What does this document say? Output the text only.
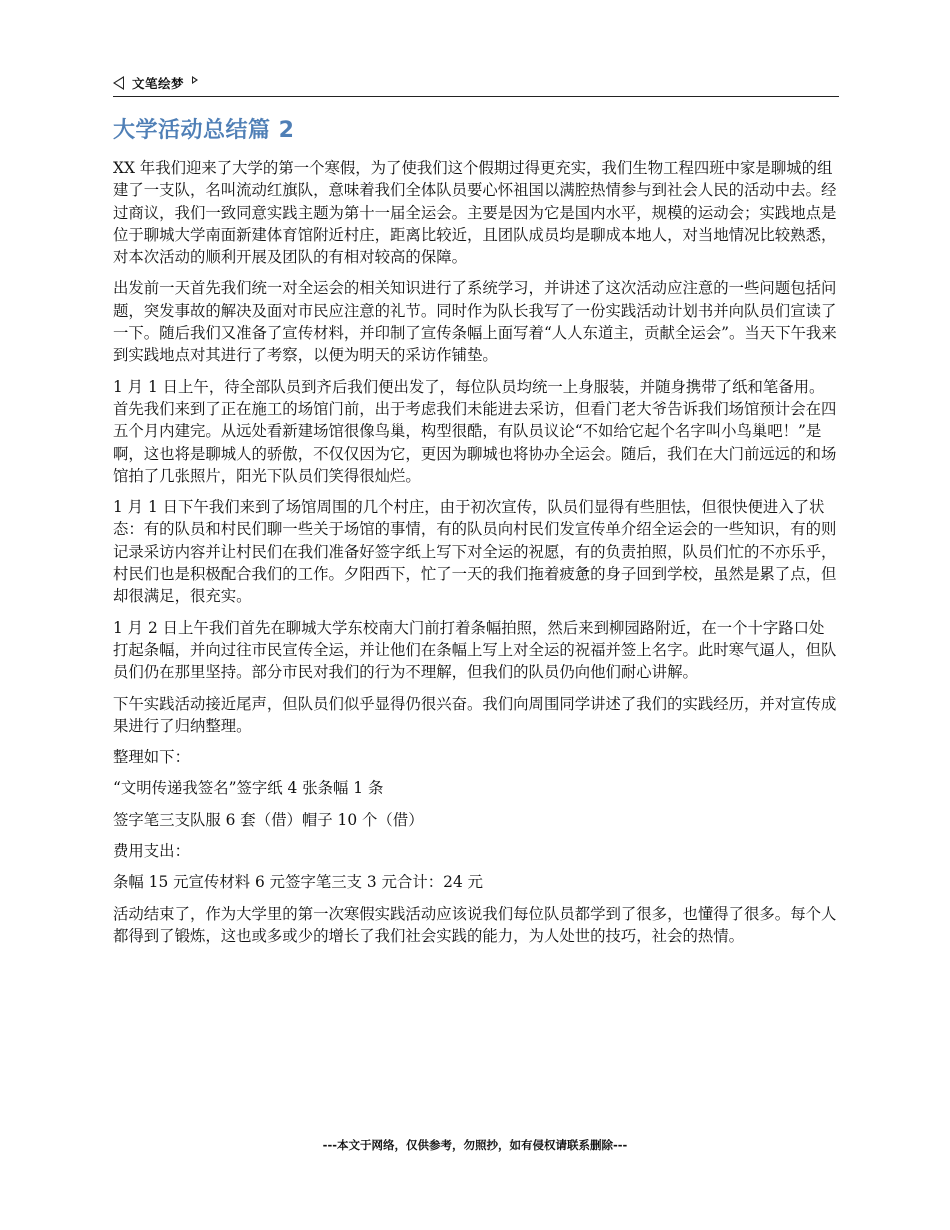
文笔绘梦
大学活动总结篇 2

XX 年我们迎来了大学的第一个寒假，为了使我们这个假期过得更充实，我们生物工程四班中家是聊城的组建了一支队，名叫流动红旗队，意味着我们全体队员要心怀祖国以满腔热情参与到社会人民的活动中去。经过商议，我们一致同意实践主题为第十一届全运会。主要是因为它是国内水平，规模的运动会；实践地点是位于聊城大学南面新建体育馆附近村庄，距离比较近，且团队成员均是聊成本地人，对当地情况比较熟悉，对本次活动的顺利开展及团队的有相对较高的保障。

出发前一天首先我们统一对全运会的相关知识进行了系统学习，并讲述了这次活动应注意的一些问题包括问题，突发事故的解决及面对市民应注意的礼节。同时作为队长我写了一份实践活动计划书并向队员们宣读了一下。随后我们又准备了宣传材料，并印制了宣传条幅上面写着“人人东道主，贡献全运会”。当天下午我来到实践地点对其进行了考察，以便为明天的采访作铺垫。

1 月 1 日上午，待全部队员到齐后我们便出发了，每位队员均统一上身服装，并随身携带了纸和笔备用。首先我们来到了正在施工的场馆门前，出于考虑我们未能进去采访，但看门老大爷告诉我们场馆预计会在四五个月内建完。从远处看新建场馆很像鸟巢，构型很酷，有队员议论“不如给它起个名字叫小鸟巢吧！”是啊，这也将是聊城人的骄傲，不仅仅因为它，更因为聊城也将协办全运会。随后，我们在大门前远远的和场馆拍了几张照片，阳光下队员们笑得很灿烂。

1 月 1 日下午我们来到了场馆周围的几个村庄，由于初次宣传，队员们显得有些胆怯，但很快便进入了状态：有的队员和村民们聊一些关于场馆的事情，有的队员向村民们发宣传单介绍全运会的一些知识，有的则记录采访内容并让村民们在我们准备好签字纸上写下对全运的祝愿，有的负责拍照，队员们忙的不亦乐乎，村民们也是积极配合我们的工作。夕阳西下，忙了一天的我们拖着疲惫的身子回到学校，虽然是累了点，但却很满足，很充实。

1 月 2 日上午我们首先在聊城大学东校南大门前打着条幅拍照，然后来到柳园路附近，在一个十字路口处打起条幅，并向过往市民宣传全运，并让他们在条幅上写上对全运的祝福并签上名字。此时寒气逼人，但队员们仍在那里坚持。部分市民对我们的行为不理解，但我们的队员仍向他们耐心讲解。

下午实践活动接近尾声，但队员们似乎显得仍很兴奋。我们向周围同学讲述了我们的实践经历，并对宣传成果进行了归纳整理。

整理如下：

“文明传递我签名”签字纸 4 张条幅 1 条

签字笔三支队服 6 套（借）帽子 10 个（借）

费用支出：

条幅 15 元宣传材料 6 元签字笔三支 3 元合计：24 元

活动结束了，作为大学里的第一次寒假实践活动应该说我们每位队员都学到了很多，也懂得了很多。每个人都得到了锻炼，这也或多或少的增长了我们社会实践的能力，为人处世的技巧，社会的热情。

---本文于网络，仅供参考，勿照抄，如有侵权请联系删除---
